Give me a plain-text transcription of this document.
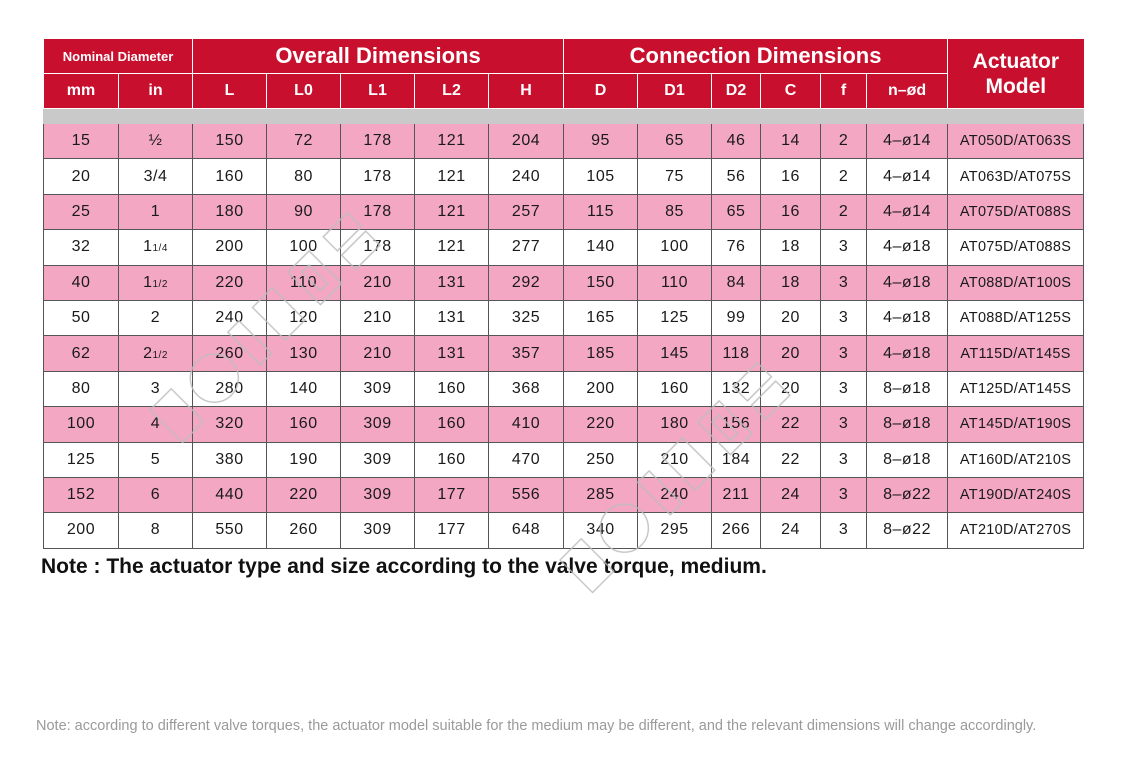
Nominal Diameter		Overall Dimensions					Connection Dimensions						Actuator
Model
mm	in	L	L0	L1	L2	H	D	D1	D2	C	f	n–ød	

15	½	150	72	178	121	204	95	65	46	14	2	4–ø14	AT050D/AT063S
20	3/4	160	80	178	121	240	105	75	56	16	2	4–ø14	AT063D/AT075S
25	1	180	90	178	121	257	115	85	65	16	2	4–ø14	AT075D/AT088S
32	11/4	200	100	178	121	277	140	100	76	18	3	4–ø18	AT075D/AT088S
40	11/2	220	110	210	131	292	150	110	84	18	3	4–ø18	AT088D/AT100S
50	2	240	120	210	131	325	165	125	99	20	3	4–ø18	AT088D/AT125S
62	21/2	260	130	210	131	357	185	145	118	20	3	4–ø18	AT115D/AT145S
80	3	280	140	309	160	368	200	160	132	20	3	8–ø18	AT125D/AT145S
100	4	320	160	309	160	410	220	180	156	22	3	8–ø18	AT145D/AT190S
125	5	380	190	309	160	470	250	210	184	22	3	8–ø18	AT160D/AT210S
152	6	440	220	309	177	556	285	240	211	24	3	8–ø22	AT190D/AT240S
200	8	550	260	309	177	648	340	295	266	24	3	8–ø22	AT210D/AT270S

Note : The actuator type and size according to the valve torque, medium.

Note: according to different valve torques, the actuator model suitable for the medium may be different, and the relevant dimensions will change accordingly.
